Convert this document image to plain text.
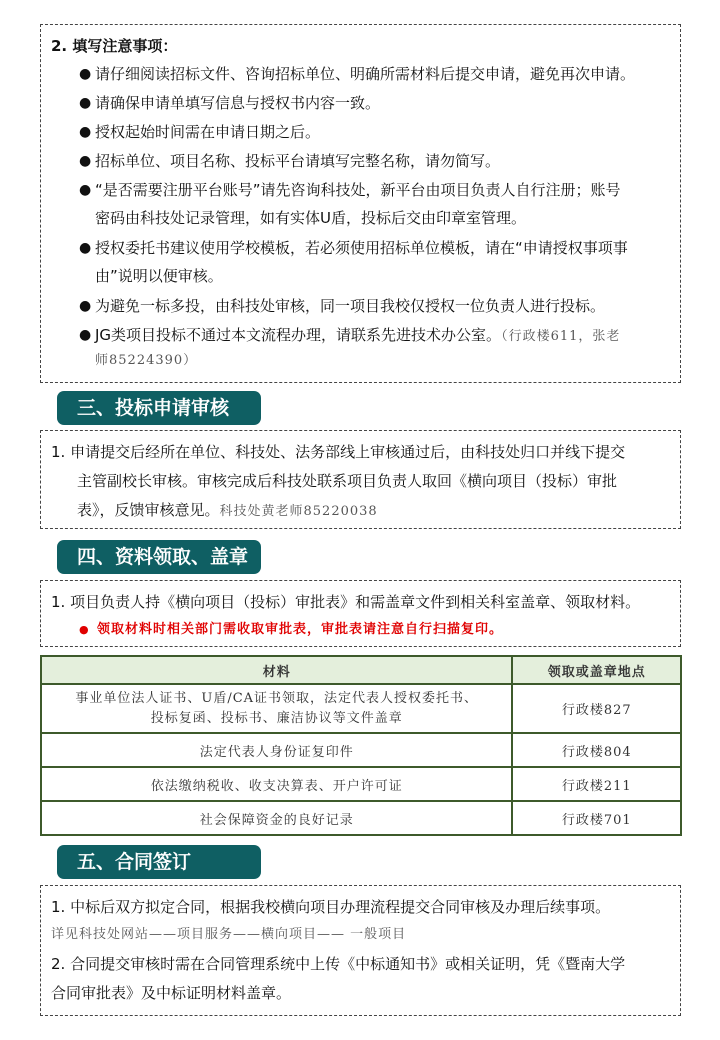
2. 填写注意事项：
● 请仔细阅读招标文件、咨询招标单位、明确所需材料后提交申请，避免再次申请。
● 请确保申请单填写信息与授权书内容一致。
● 授权起始时间需在申请日期之后。
● 招标单位、项目名称、投标平台请填写完整名称，请勿简写。
● “是否需要注册平台账号”请先咨询科技处，新平台由项目负责人自行注册；账号
密码由科技处记录管理，如有实体U盾，投标后交由印章室管理。
● 授权委托书建议使用学校模板，若必须使用招标单位模板，请在“申请授权事项事
由”说明以便审核。
● 为避免一标多投，由科技处审核，同一项目我校仅授权一位负责人进行投标。
● JG类项目投标不通过本文流程办理，请联系先进技术办公室。（行政楼611，张老
师85224390）
三、投标申请审核
1. 申请提交后经所在单位、科技处、法务部线上审核通过后，由科技处归口并线下提交
主管副校长审核。审核完成后科技处联系项目负责人取回《横向项目（投标）审批
表》，反馈审核意见。科技处黄老师85220038
四、资料领取、盖章
1. 项目负责人持《横向项目（投标）审批表》和需盖章文件到相关科室盖章、领取材料。
● 领取材料时相关部门需收取审批表，审批表请注意自行扫描复印。
材料	领取或盖章地点

事业单位法人证书、U盾/CA证书领取，法定代表人授权委托书、
投标复函、投标书、廉洁协议等文件盖章	行政楼827
法定代表人身份证复印件	行政楼804
依法缴纳税收、收支决算表、开户许可证	行政楼211
社会保障资金的良好记录	行政楼701
五、合同签订
1. 中标后双方拟定合同，根据我校横向项目办理流程提交合同审核及办理后续事项。
详见科技处网站——项目服务——横向项目—— 一般项目
2. 合同提交审核时需在合同管理系统中上传《中标通知书》或相关证明，凭《暨南大学
合同审批表》及中标证明材料盖章。
